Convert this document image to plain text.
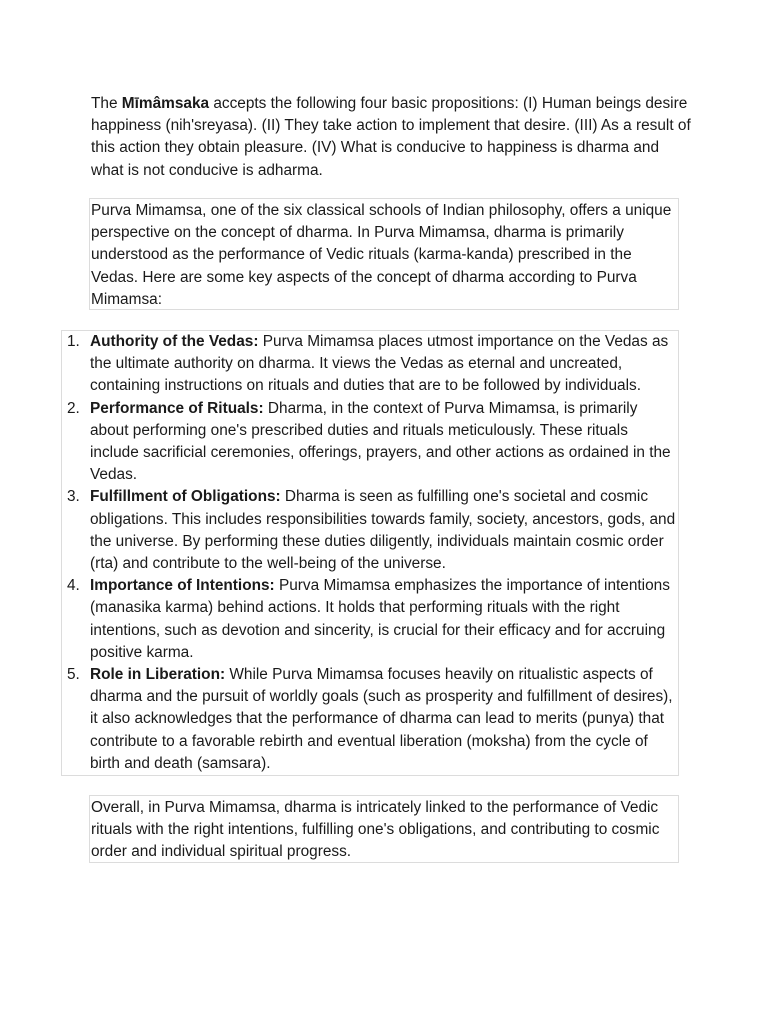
The Mīmâmsaka accepts the following four basic propositions: (I) Human beings desire happiness (nih'sreyasa). (II) They take action to implement that desire. (III) As a result of this action they obtain pleasure. (IV) What is conducive to happiness is dharma and what is not conducive is adharma.

Purva Mimamsa, one of the six classical schools of Indian philosophy, offers a unique perspective on the concept of dharma. In Purva Mimamsa, dharma is primarily understood as the performance of Vedic rituals (karma-kanda) prescribed in the Vedas. Here are some key aspects of the concept of dharma according to Purva Mimamsa:

1. Authority of the Vedas: Purva Mimamsa places utmost importance on the Vedas as the ultimate authority on dharma. It views the Vedas as eternal and uncreated, containing instructions on rituals and duties that are to be followed by individuals.
2. Performance of Rituals: Dharma, in the context of Purva Mimamsa, is primarily about performing one's prescribed duties and rituals meticulously. These rituals include sacrificial ceremonies, offerings, prayers, and other actions as ordained in the Vedas.
3. Fulfillment of Obligations: Dharma is seen as fulfilling one's societal and cosmic obligations. This includes responsibilities towards family, society, ancestors, gods, and the universe. By performing these duties diligently, individuals maintain cosmic order (rta) and contribute to the well-being of the universe.
4. Importance of Intentions: Purva Mimamsa emphasizes the importance of intentions (manasika karma) behind actions. It holds that performing rituals with the right intentions, such as devotion and sincerity, is crucial for their efficacy and for accruing positive karma.
5. Role in Liberation: While Purva Mimamsa focuses heavily on ritualistic aspects of dharma and the pursuit of worldly goals (such as prosperity and fulfillment of desires), it also acknowledges that the performance of dharma can lead to merits (punya) that contribute to a favorable rebirth and eventual liberation (moksha) from the cycle of birth and death (samsara).

Overall, in Purva Mimamsa, dharma is intricately linked to the performance of Vedic rituals with the right intentions, fulfilling one's obligations, and contributing to cosmic order and individual spiritual progress.
